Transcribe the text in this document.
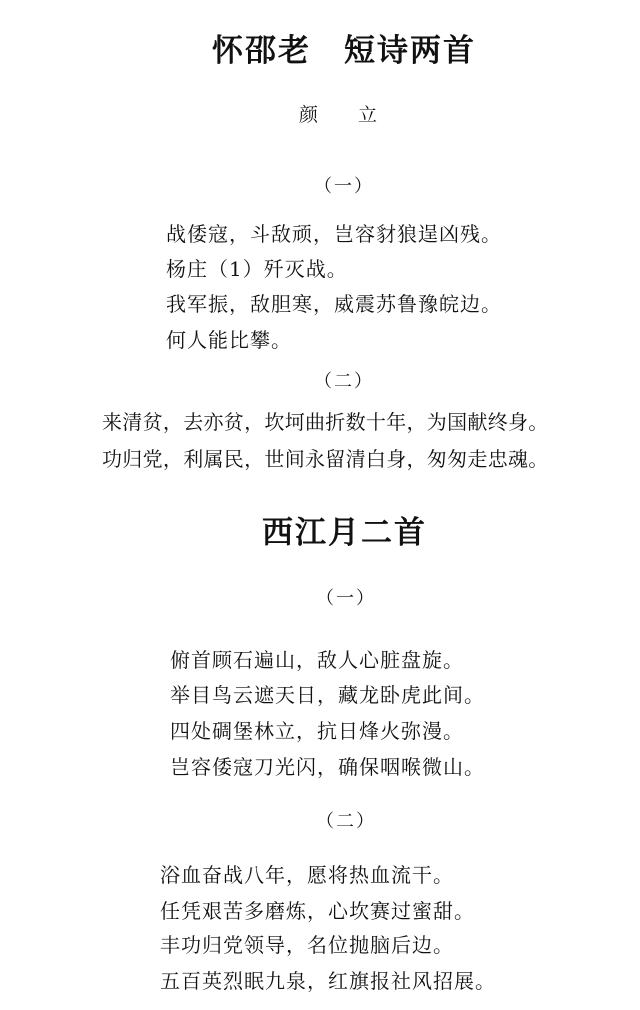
怀邵老　短诗两首
颜立
（一）
战倭寇，斗敌顽，岂容豺狼逞凶残。
杨庄（1）歼灭战。
我军振，敌胆寒，威震苏鲁豫皖边。
何人能比攀。
（二）
来清贫，去亦贫，坎坷曲折数十年，为国献终身。
功归党，利属民，世间永留清白身，匆匆走忠魂。
西江月二首
（一）
俯首顾石遍山，敌人心脏盘旋。
举目鸟云遮天日，藏龙卧虎此间。
四处碉堡林立，抗日烽火弥漫。
岂容倭寇刀光闪，确保咽喉微山。
（二）
浴血奋战八年，愿将热血流干。
任凭艰苦多磨炼，心坎赛过蜜甜。
丰功归党领导，名位抛脑后边。
五百英烈眠九泉，红旗报社风招展。
